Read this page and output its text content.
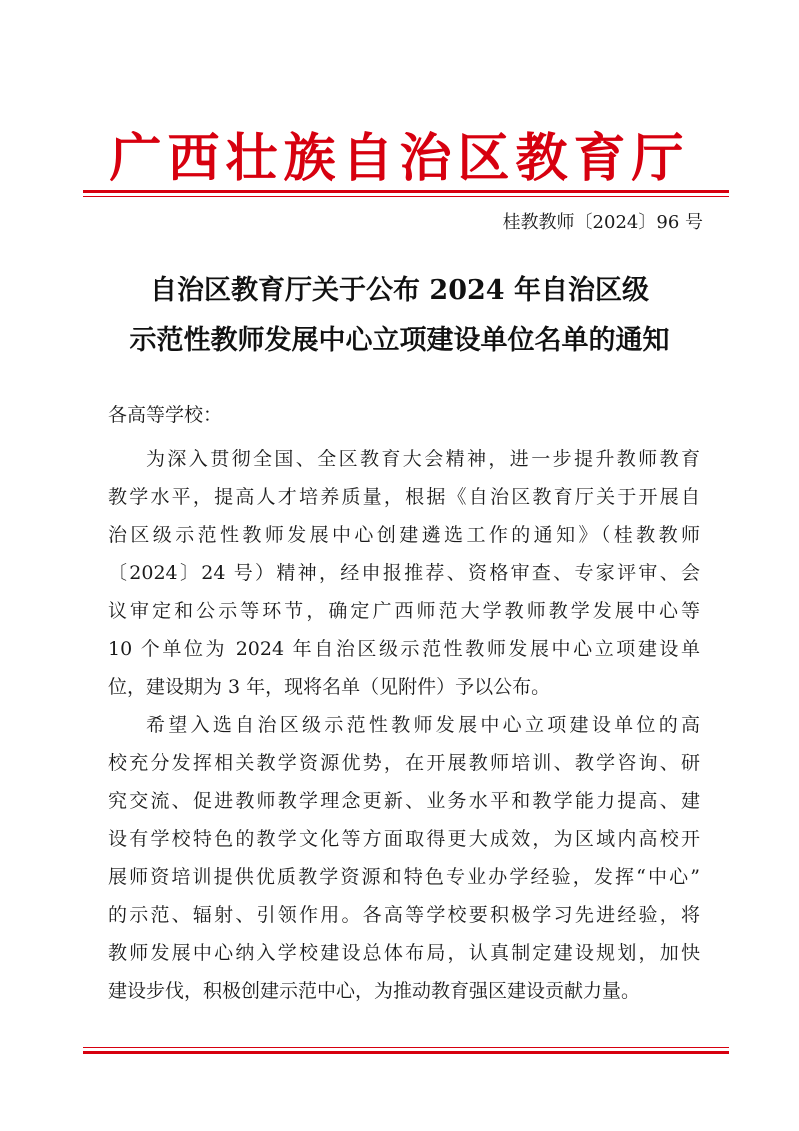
广西壮族自治区教育厅
桂教教师〔2024〕96 号
自治区教育厅关于公布 2024 年自治区级
示范性教师发展中心立项建设单位名单的通知
各高等学校：
为深入贯彻全国、全区教育大会精神，进一步提升教师教育
教学水平，提高人才培养质量，根据《自治区教育厅关于开展自
治区级示范性教师发展中心创建遴选工作的通知》（桂教教师
〔2024〕24 号）精神，经申报推荐、资格审查、专家评审、会
议审定和公示等环节，确定广西师范大学教师教学发展中心等
10 个单位为 2024 年自治区级示范性教师发展中心立项建设单
位，建设期为 3 年，现将名单（见附件）予以公布。
希望入选自治区级示范性教师发展中心立项建设单位的高
校充分发挥相关教学资源优势，在开展教师培训、教学咨询、研
究交流、促进教师教学理念更新、业务水平和教学能力提高、建
设有学校特色的教学文化等方面取得更大成效，为区域内高校开
展师资培训提供优质教学资源和特色专业办学经验，发挥“中心”
的示范、辐射、引领作用。各高等学校要积极学习先进经验，将
教师发展中心纳入学校建设总体布局，认真制定建设规划，加快
建设步伐，积极创建示范中心，为推动教育强区建设贡献力量。
